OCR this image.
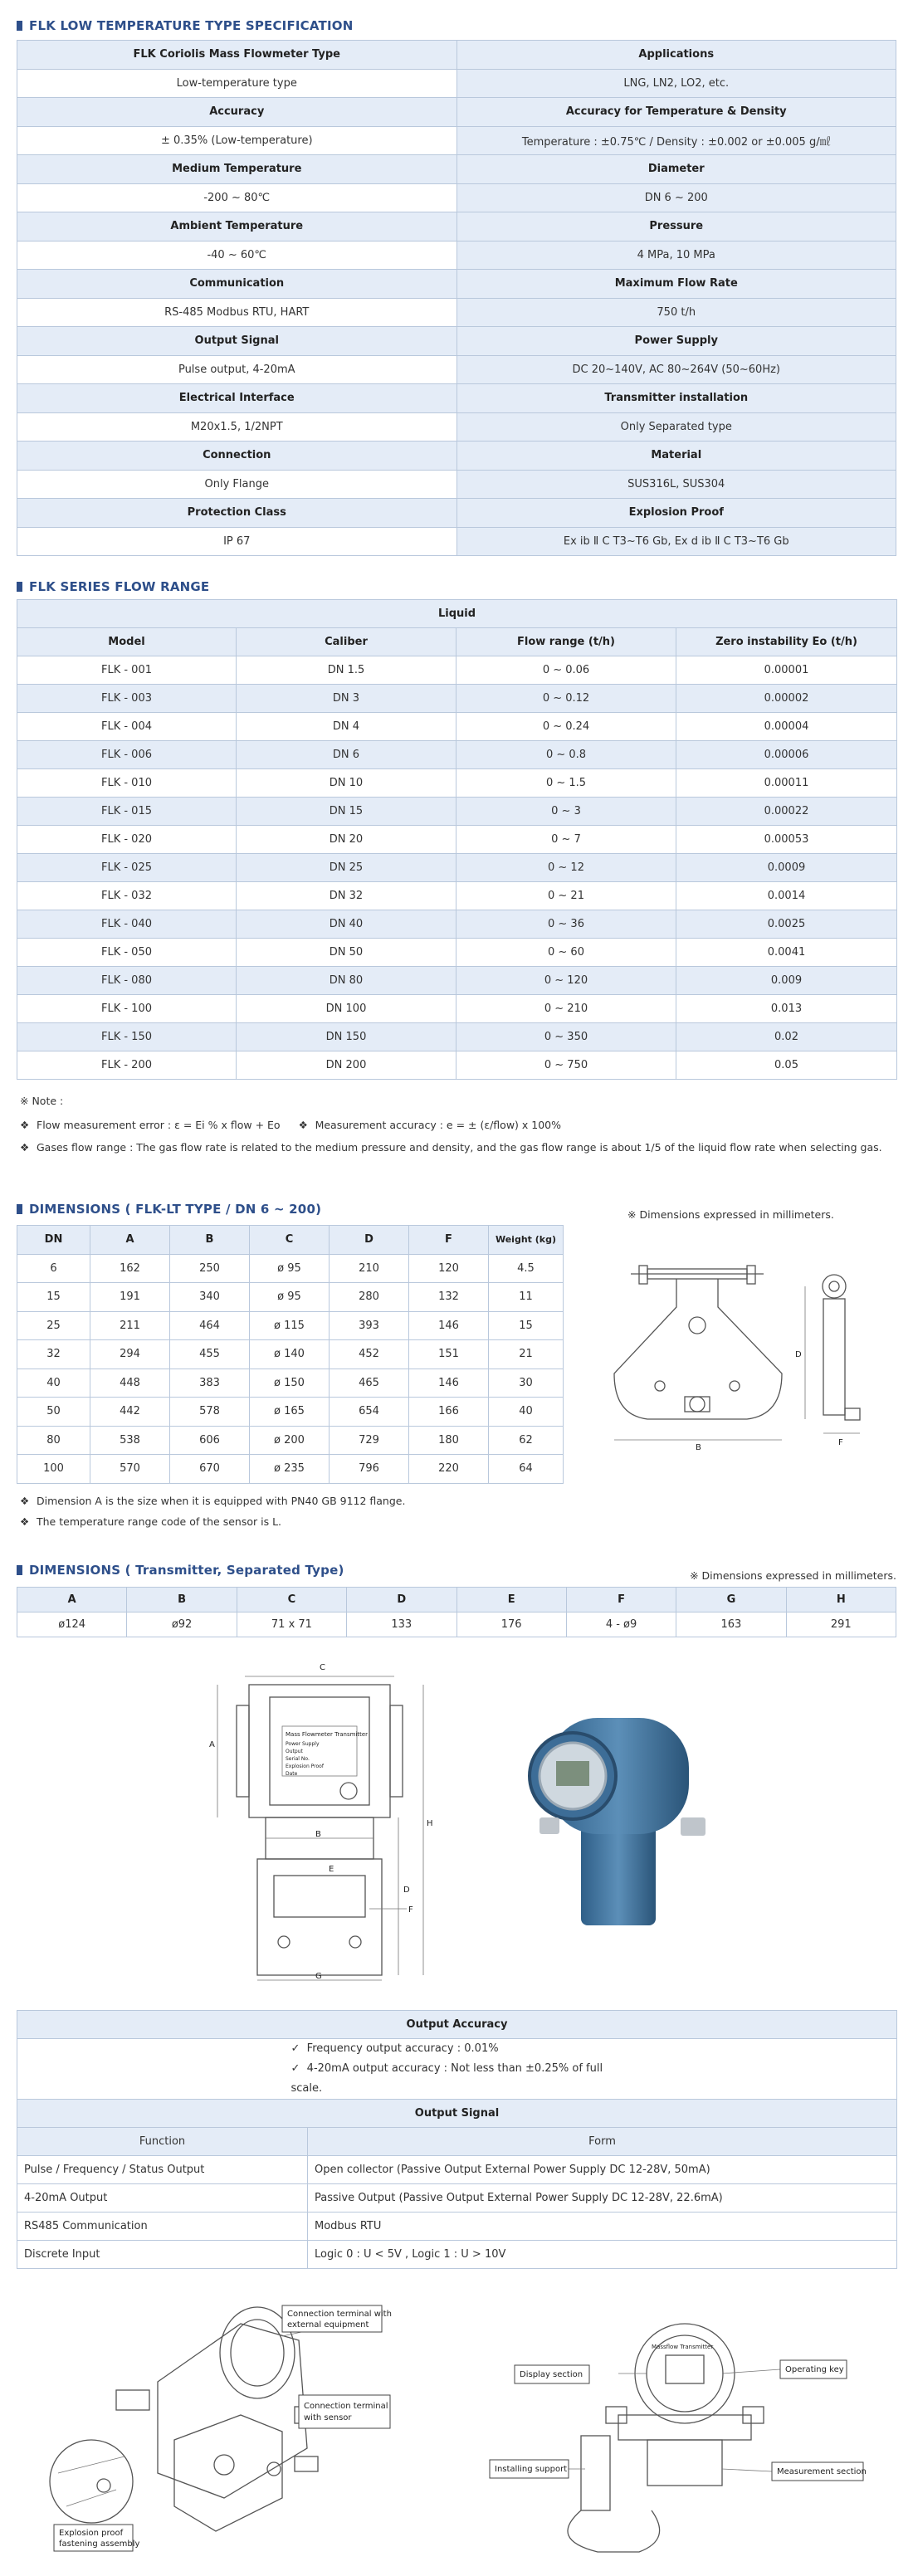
FLK LOW TEMPERATURE TYPE SPECIFICATION
FLK Coriolis Mass Flowmeter Type	Applications
Low-temperature type	LNG, LN2, LO2, etc.
Accuracy	Accuracy for Temperature & Density
± 0.35% (Low-temperature)	Temperature : ±0.75℃ / Density : ±0.002 or ±0.005 g/㎖
Medium Temperature	Diameter
-200 ~ 80℃	DN 6 ~ 200
Ambient Temperature	Pressure
-40 ~ 60℃	4 MPa, 10 MPa
Communication	Maximum Flow Rate
RS-485 Modbus RTU, HART	750 t/h
Output Signal	Power Supply
Pulse output, 4-20mA	DC 20~140V, AC 80~264V (50~60Hz)
Electrical Interface	Transmitter installation
M20x1.5, 1/2NPT	Only Separated type
Connection	Material
Only Flange	SUS316L, SUS304
Protection Class	Explosion Proof
IP 67	Ex ib Ⅱ C T3~T6 Gb, Ex d ib Ⅱ C T3~T6 Gb
FLK SERIES FLOW RANGE
Liquid			
Model	Caliber	Flow range (t/h)	Zero instability Eo (t/h)
FLK - 001	DN 1.5	0 ~ 0.06	0.00001
FLK - 003	DN 3	0 ~ 0.12	0.00002
FLK - 004	DN 4	0 ~ 0.24	0.00004
FLK - 006	DN 6	0 ~ 0.8	0.00006
FLK - 010	DN 10	0 ~ 1.5	0.00011
FLK - 015	DN 15	0 ~ 3	0.00022
FLK - 020	DN 20	0 ~ 7	0.00053
FLK - 025	DN 25	0 ~ 12	0.0009
FLK - 032	DN 32	0 ~ 21	0.0014
FLK - 040	DN 40	0 ~ 36	0.0025
FLK - 050	DN 50	0 ~ 60	0.0041
FLK - 080	DN 80	0 ~ 120	0.009
FLK - 100	DN 100	0 ~ 210	0.013
FLK - 150	DN 150	0 ~ 350	0.02
FLK - 200	DN 200	0 ~ 750	0.05
※ Note :
❖ Flow measurement error : ε = Ei % x flow + Eo ❖ Measurement accuracy : e = ± (ε/flow) x 100%
❖ Gases flow range : The gas flow rate is related to the medium pressure and density, and the gas flow range is about 1/5 of the liquid flow rate when selecting gas.
DIMENSIONS ( FLK-LT TYPE / DN 6 ~ 200)	※ Dimensions expressed in millimeters.
DN	A	B	C	D	F	Weight (kg)
6	162	250	ø 95	210	120	4.5
15	191	340	ø 95	280	132	11
25	211	464	ø 115	393	146	15
32	294	455	ø 140	452	151	21
40	448	383	ø 150	465	146	30
50	442	578	ø 165	654	166	40
80	538	606	ø 200	729	180	62
100	570	670	ø 235	796	220	64
B
D
F
❖ Dimension A is the size when it is equipped with PN40 GB 9112 flange.
❖ The temperature range code of the sensor is L.
DIMENSIONS ( Transmitter, Separated Type)	※ Dimensions expressed in millimeters.
A	B	C	D	E	F	G	H
ø124	ø92	71 x 71	133	176	4 - ø9	163	291
C
A
Mass Flowmeter Transmitter
Power Supply
Output
Serial No.
Explosion Proof
Date
B
D
H
F
E
G
Output Accuracy	

✓ Frequency output accuracy : 0.01%
✓ 4-20mA output accuracy : Not less than ±0.25% of full scale.	

Output Signal	
Function	Form
Pulse / Frequency / Status Output	Open collector (Passive Output External Power Supply DC 12-28V, 50mA)
4-20mA Output	Passive Output (Passive Output External Power Supply DC 12-28V, 22.6mA)
RS485 Communication	Modbus RTU
Discrete Input	Logic 0 : U < 5V , Logic 1 : U > 10V
Connection terminal with
external equipment
Connection terminal
with sensor
Explosion proof
fastening assembly
Massflow Transmitter
Display section
Operating key
Installing support	Measurement section
